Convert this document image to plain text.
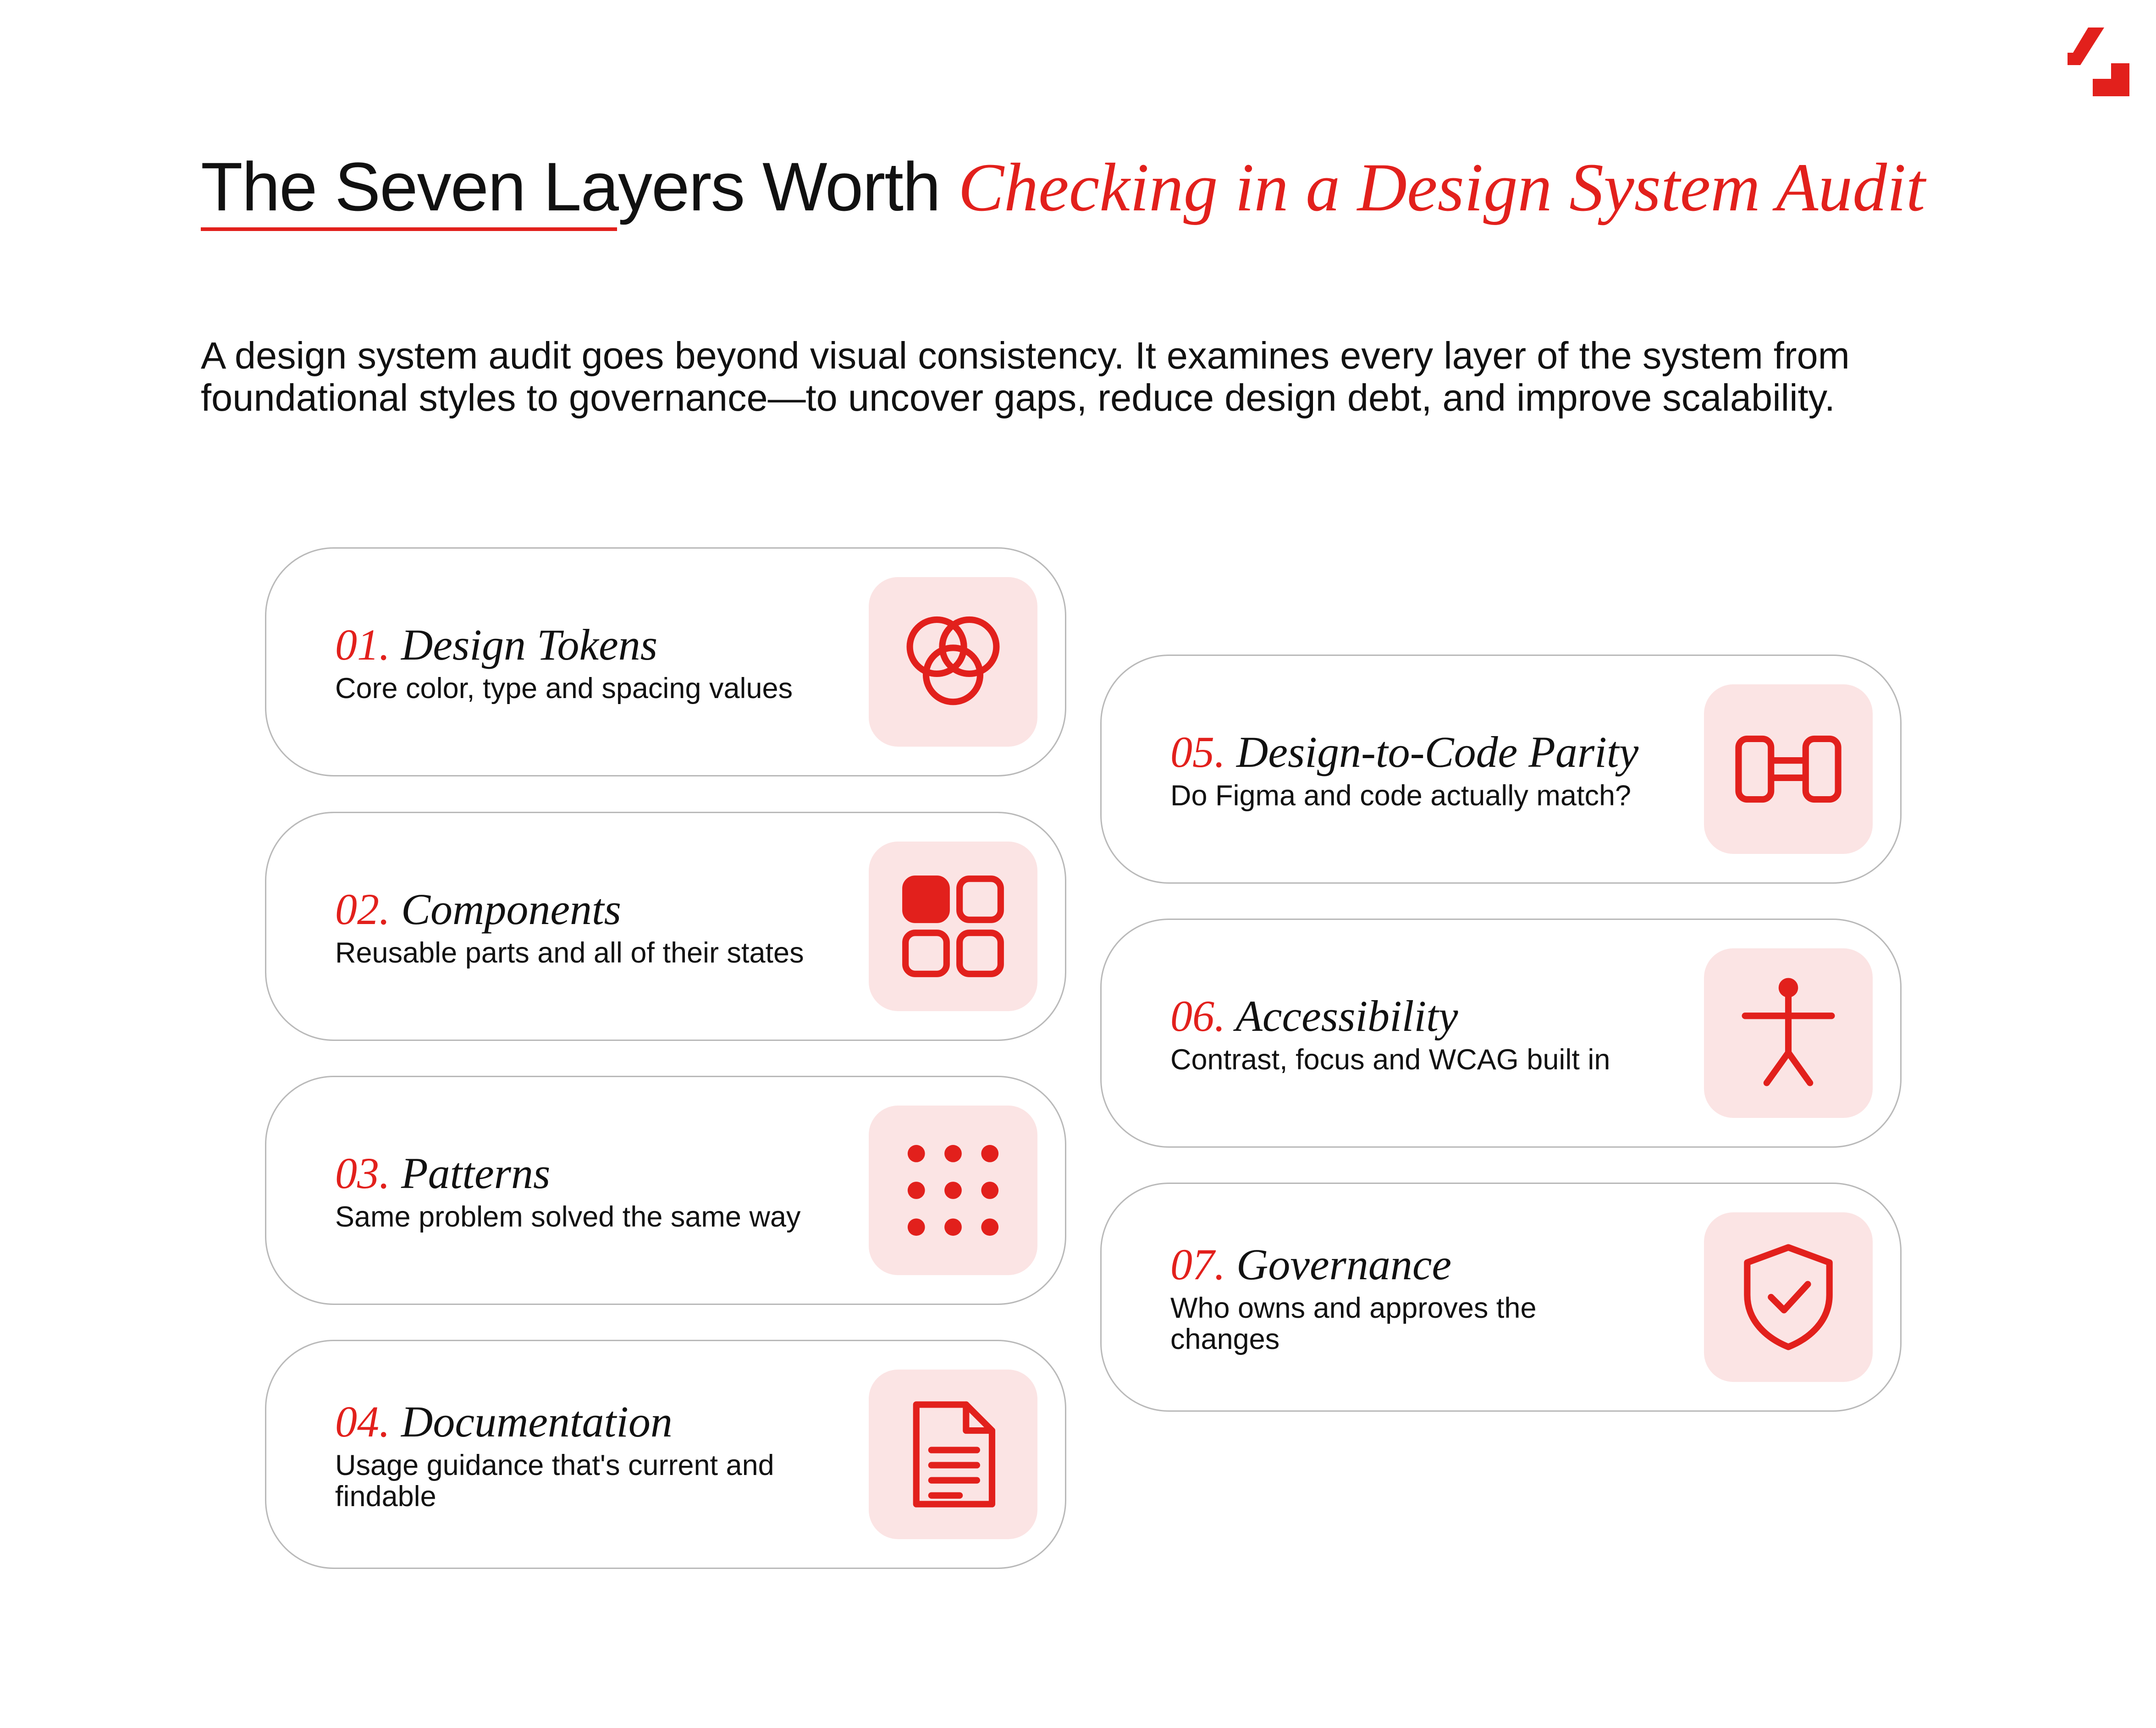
The Seven Layers Worth Checking in a Design System Audit

A design system audit goes beyond visual consistency. It examines every layer of the system from foundational styles to governance—to uncover gaps, reduce design debt, and improve scalability.

01. Design Tokens
Core color, type and spacing values
02. Components
Reusable parts and all of their states
03. Patterns
Same problem solved the same way
04. Documentation
Usage guidance that's current and findable
05. Design-to-Code Parity
Do Figma and code actually match?
06. Accessibility
Contrast, focus and WCAG built in
07. Governance
Who owns and approves the changes
